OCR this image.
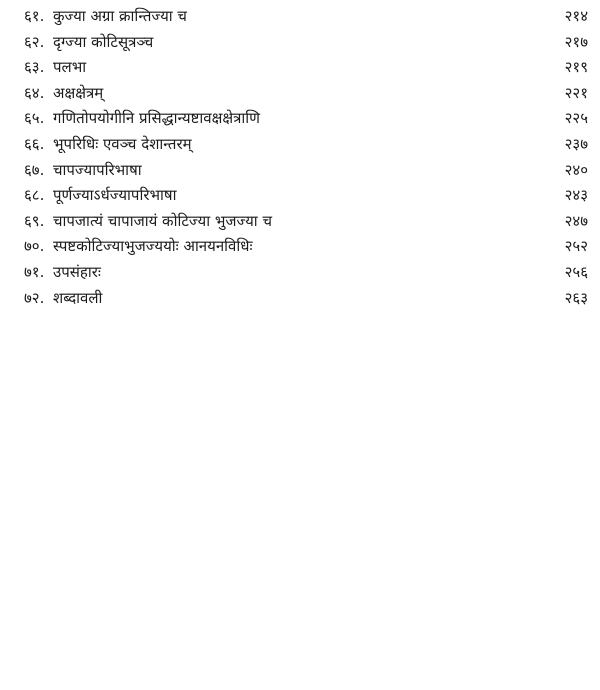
६१. कुज्या अग्रा क्रान्तिज्या च	२१४
६२. दृग्ज्या कोटिसूत्रञ्च	२१७
६३. पलभा	२१९
६४. अक्षक्षेत्रम्	२२१
६५. गणितोपयोगीनि प्रसिद्धान्यष्टावक्षक्षेत्राणि	२२५
६६. भूपरिधिः एवञ्च देशान्तरम्	२३७
६७. चापज्यापरिभाषा	२४०
६८. पूर्णज्याऽर्धज्यापरिभाषा	२४३
६९. चापजात्यं चापाजायं कोटिज्या भुजज्या च	२४७
७०. स्पष्टकोटिज्याभुजज्ययोः आनयनविधिः	२५२
७१. उपसंहारः	२५६
७२. शब्दावली	२६३
